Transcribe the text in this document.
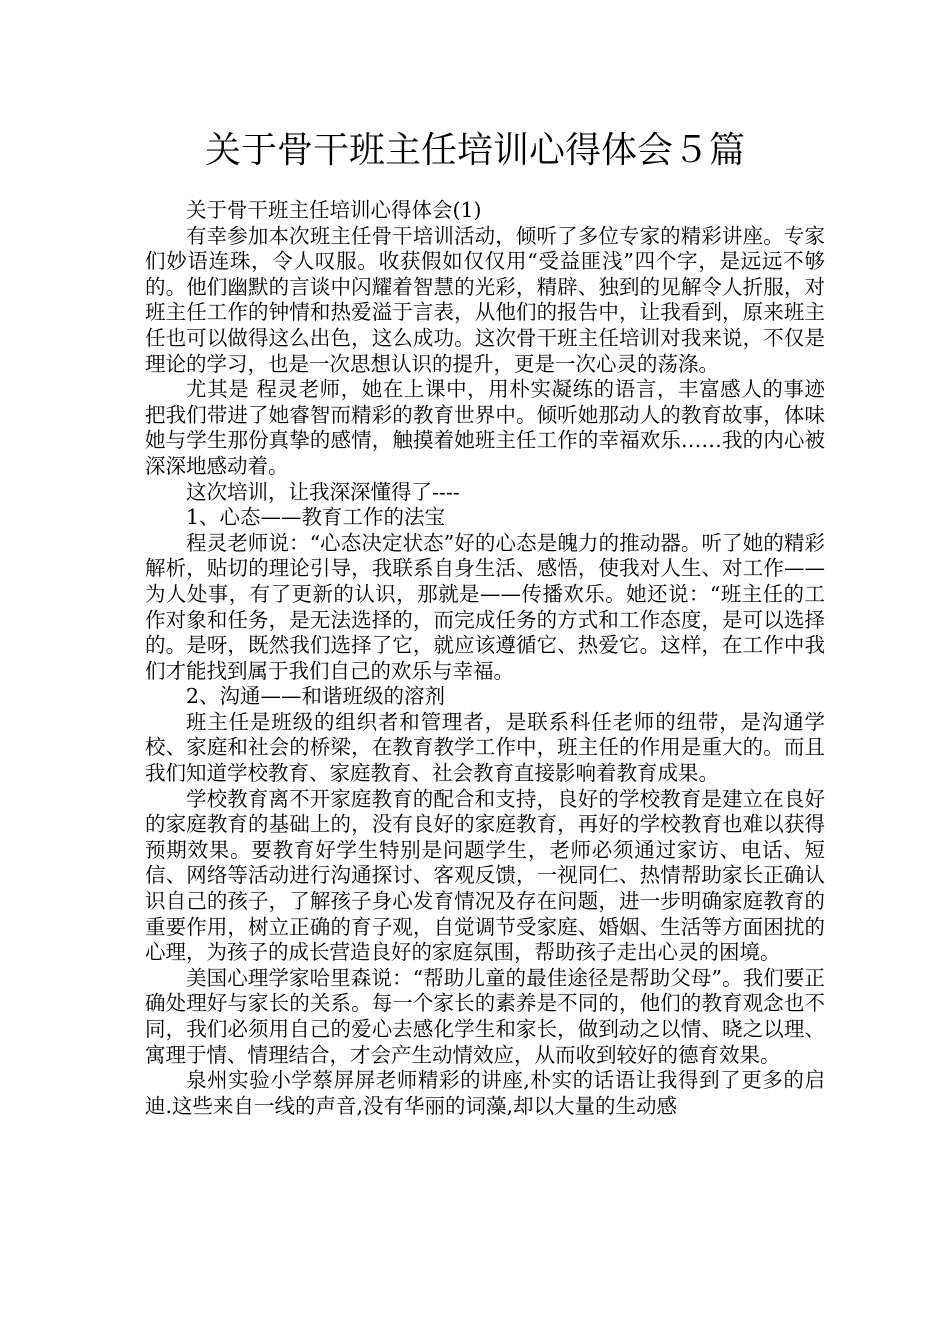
关于骨干班主任培训心得体会５篇

关于骨干班主任培训心得体会(1)

有幸参加本次班主任骨干培训活动，倾听了多位专家的精彩讲座。专家们妙语连珠，令人叹服。收获假如仅仅用“受益匪浅”四个字，是远远不够的。他们幽默的言谈中闪耀着智慧的光彩，精辟、独到的见解令人折服，对班主任工作的钟情和热爱溢于言表，从他们的报告中，让我看到，原来班主任也可以做得这么出色，这么成功。这次骨干班主任培训对我来说，不仅是理论的学习，也是一次思想认识的提升，更是一次心灵的荡涤。

尤其是 程灵老师，她在上课中，用朴实凝练的语言，丰富感人的事迹把我们带进了她睿智而精彩的教育世界中。倾听她那动人的教育故事，体味她与学生那份真挚的感情，触摸着她班主任工作的幸福欢乐……我的内心被深深地感动着。

这次培训，让我深深懂得了----

1、心态——教育工作的法宝

程灵老师说：“心态决定状态”好的心态是魄力的推动器。听了她的精彩解析，贴切的理论引导，我联系自身生活、感悟，使我对人生、对工作——为人处事，有了更新的认识，那就是——传播欢乐。她还说：“班主任的工作对象和任务，是无法选择的，而完成任务的方式和工作态度，是可以选择的。是呀，既然我们选择了它，就应该遵循它、热爱它。这样，在工作中我们才能找到属于我们自己的欢乐与幸福。

2、沟通——和谐班级的溶剂

班主任是班级的组织者和管理者，是联系科任老师的纽带，是沟通学校、家庭和社会的桥梁，在教育教学工作中，班主任的作用是重大的。而且我们知道学校教育、家庭教育、社会教育直接影响着教育成果。

学校教育离不开家庭教育的配合和支持，良好的学校教育是建立在良好的家庭教育的基础上的，没有良好的家庭教育，再好的学校教育也难以获得预期效果。要教育好学生特别是问题学生，老师必须通过家访、电话、短信、网络等活动进行沟通探讨、客观反馈，一视同仁、热情帮助家长正确认识自己的孩子，了解孩子身心发育情况及存在问题，进一步明确家庭教育的重要作用，树立正确的育子观，自觉调节受家庭、婚姻、生活等方面困扰的心理，为孩子的成长营造良好的家庭氛围，帮助孩子走出心灵的困境。

美国心理学家哈里森说：“帮助儿童的最佳途径是帮助父母”。我们要正确处理好与家长的关系。每一个家长的素养是不同的，他们的教育观念也不同，我们必须用自己的爱心去感化学生和家长，做到动之以情、晓之以理、寓理于情、情理结合，才会产生动情效应，从而收到较好的德育效果。

泉州实验小学蔡屏屏老师精彩的讲座,朴实的话语让我得到了更多的启迪.这些来自一线的声音,没有华丽的词藻,却以大量的生动感
